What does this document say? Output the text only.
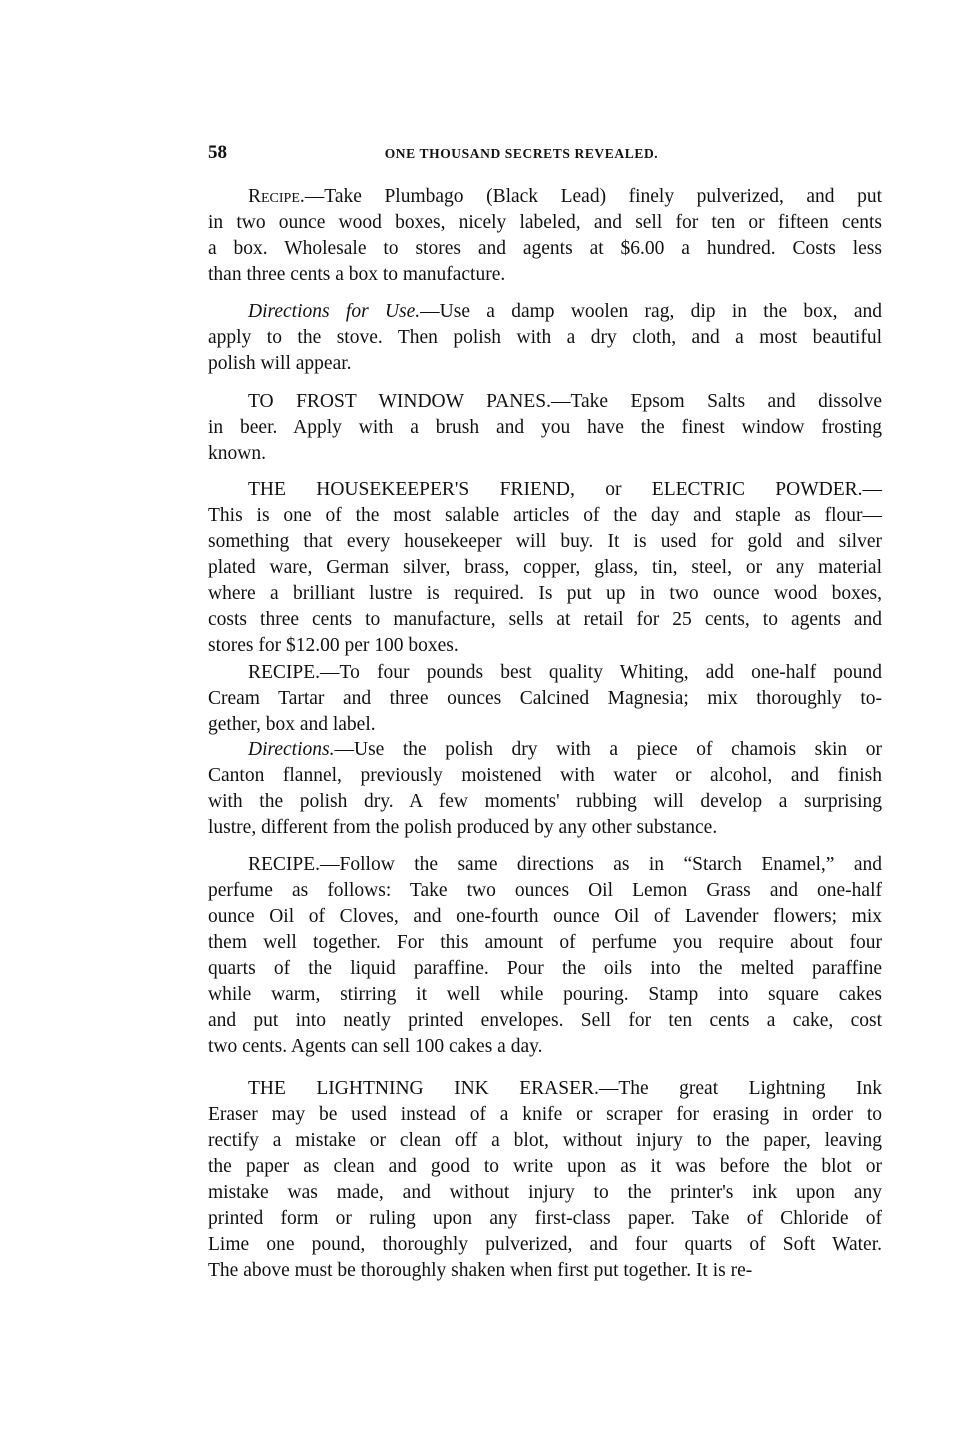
58	ONE THOUSAND SECRETS REVEALED.
Recipe.—Take Plumbago (Black Lead) finely pulverized, and put
in two ounce wood boxes, nicely labeled, and sell for ten or fifteen cents
a box. Wholesale to stores and agents at $6.00 a hundred. Costs less
than three cents a box to manufacture.
Directions for Use.—Use a damp woolen rag, dip in the box, and
apply to the stove. Then polish with a dry cloth, and a most beautiful
polish will appear.
TO FROST WINDOW PANES.—Take Epsom Salts and dissolve
in beer. Apply with a brush and you have the finest window frosting
known.
THE HOUSEKEEPER'S FRIEND, or ELECTRIC POWDER.—
This is one of the most salable articles of the day and staple as flour—
something that every housekeeper will buy. It is used for gold and silver
plated ware, German silver, brass, copper, glass, tin, steel, or any material
where a brilliant lustre is required. Is put up in two ounce wood boxes,
costs three cents to manufacture, sells at retail for 25 cents, to agents and
stores for $12.00 per 100 boxes.
RECIPE.—To four pounds best quality Whiting, add one-half pound
Cream Tartar and three ounces Calcined Magnesia; mix thoroughly to-
gether, box and label.
Directions.—Use the polish dry with a piece of chamois skin or
Canton flannel, previously moistened with water or alcohol, and finish
with the polish dry. A few moments' rubbing will develop a surprising
lustre, different from the polish produced by any other substance.
RECIPE.—Follow the same directions as in “Starch Enamel,” and
perfume as follows: Take two ounces Oil Lemon Grass and one-half
ounce Oil of Cloves, and one-fourth ounce Oil of Lavender flowers; mix
them well together. For this amount of perfume you require about four
quarts of the liquid paraffine. Pour the oils into the melted paraffine
while warm, stirring it well while pouring. Stamp into square cakes
and put into neatly printed envelopes. Sell for ten cents a cake, cost
two cents. Agents can sell 100 cakes a day.
THE LIGHTNING INK ERASER.—The great Lightning Ink
Eraser may be used instead of a knife or scraper for erasing in order to
rectify a mistake or clean off a blot, without injury to the paper, leaving
the paper as clean and good to write upon as it was before the blot or
mistake was made, and without injury to the printer's ink upon any
printed form or ruling upon any first-class paper. Take of Chloride of
Lime one pound, thoroughly pulverized, and four quarts of Soft Water.
The above must be thoroughly shaken when first put together. It is re-
